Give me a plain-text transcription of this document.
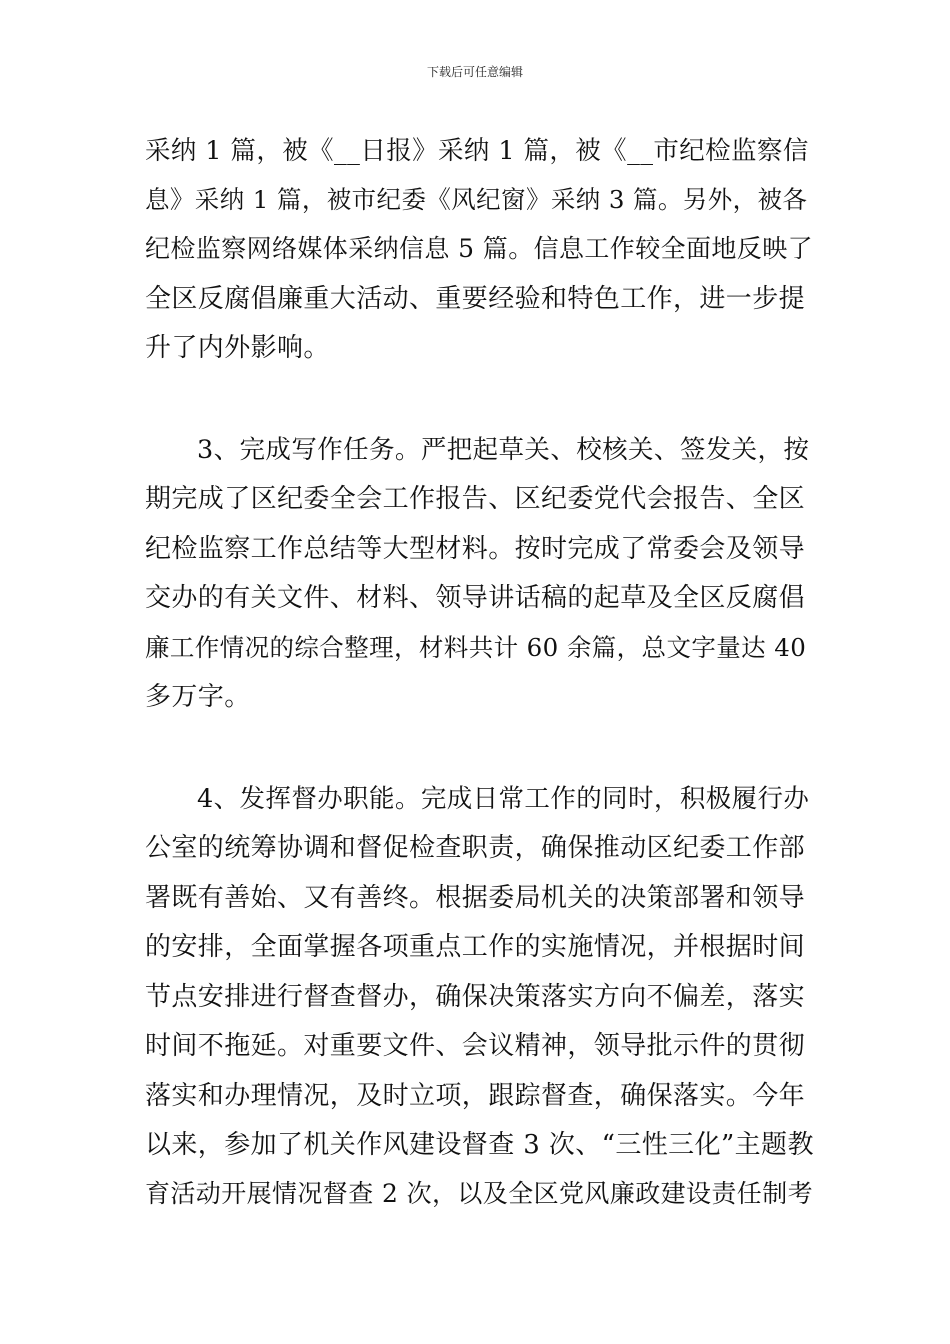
下载后可任意编辑
采纳 1 篇，被《__日报》采纳 1 篇，被《__市纪检监察信
息》采纳 1 篇，被市纪委《风纪窗》采纳 3 篇。另外，被各
纪检监察网络媒体采纳信息 5 篇。信息工作较全面地反映了
全区反腐倡廉重大活动、重要经验和特色工作，进一步提
升了内外影响。
3、完成写作任务。严把起草关、校核关、签发关，按
期完成了区纪委全会工作报告、区纪委党代会报告、全区
纪检监察工作总结等大型材料。按时完成了常委会及领导
交办的有关文件、材料、领导讲话稿的起草及全区反腐倡
廉工作情况的综合整理，材料共计 60 余篇，总文字量达 40
多万字。
4、发挥督办职能。完成日常工作的同时，积极履行办
公室的统筹协调和督促检查职责，确保推动区纪委工作部
署既有善始、又有善终。根据委局机关的决策部署和领导
的安排，全面掌握各项重点工作的实施情况，并根据时间
节点安排进行督查督办，确保决策落实方向不偏差，落实
时间不拖延。对重要文件、会议精神，领导批示件的贯彻
落实和办理情况，及时立项，跟踪督查，确保落实。今年
以来，参加了机关作风建设督查 3 次、“三性三化”主题教
育活动开展情况督查 2 次，以及全区党风廉政建设责任制考
